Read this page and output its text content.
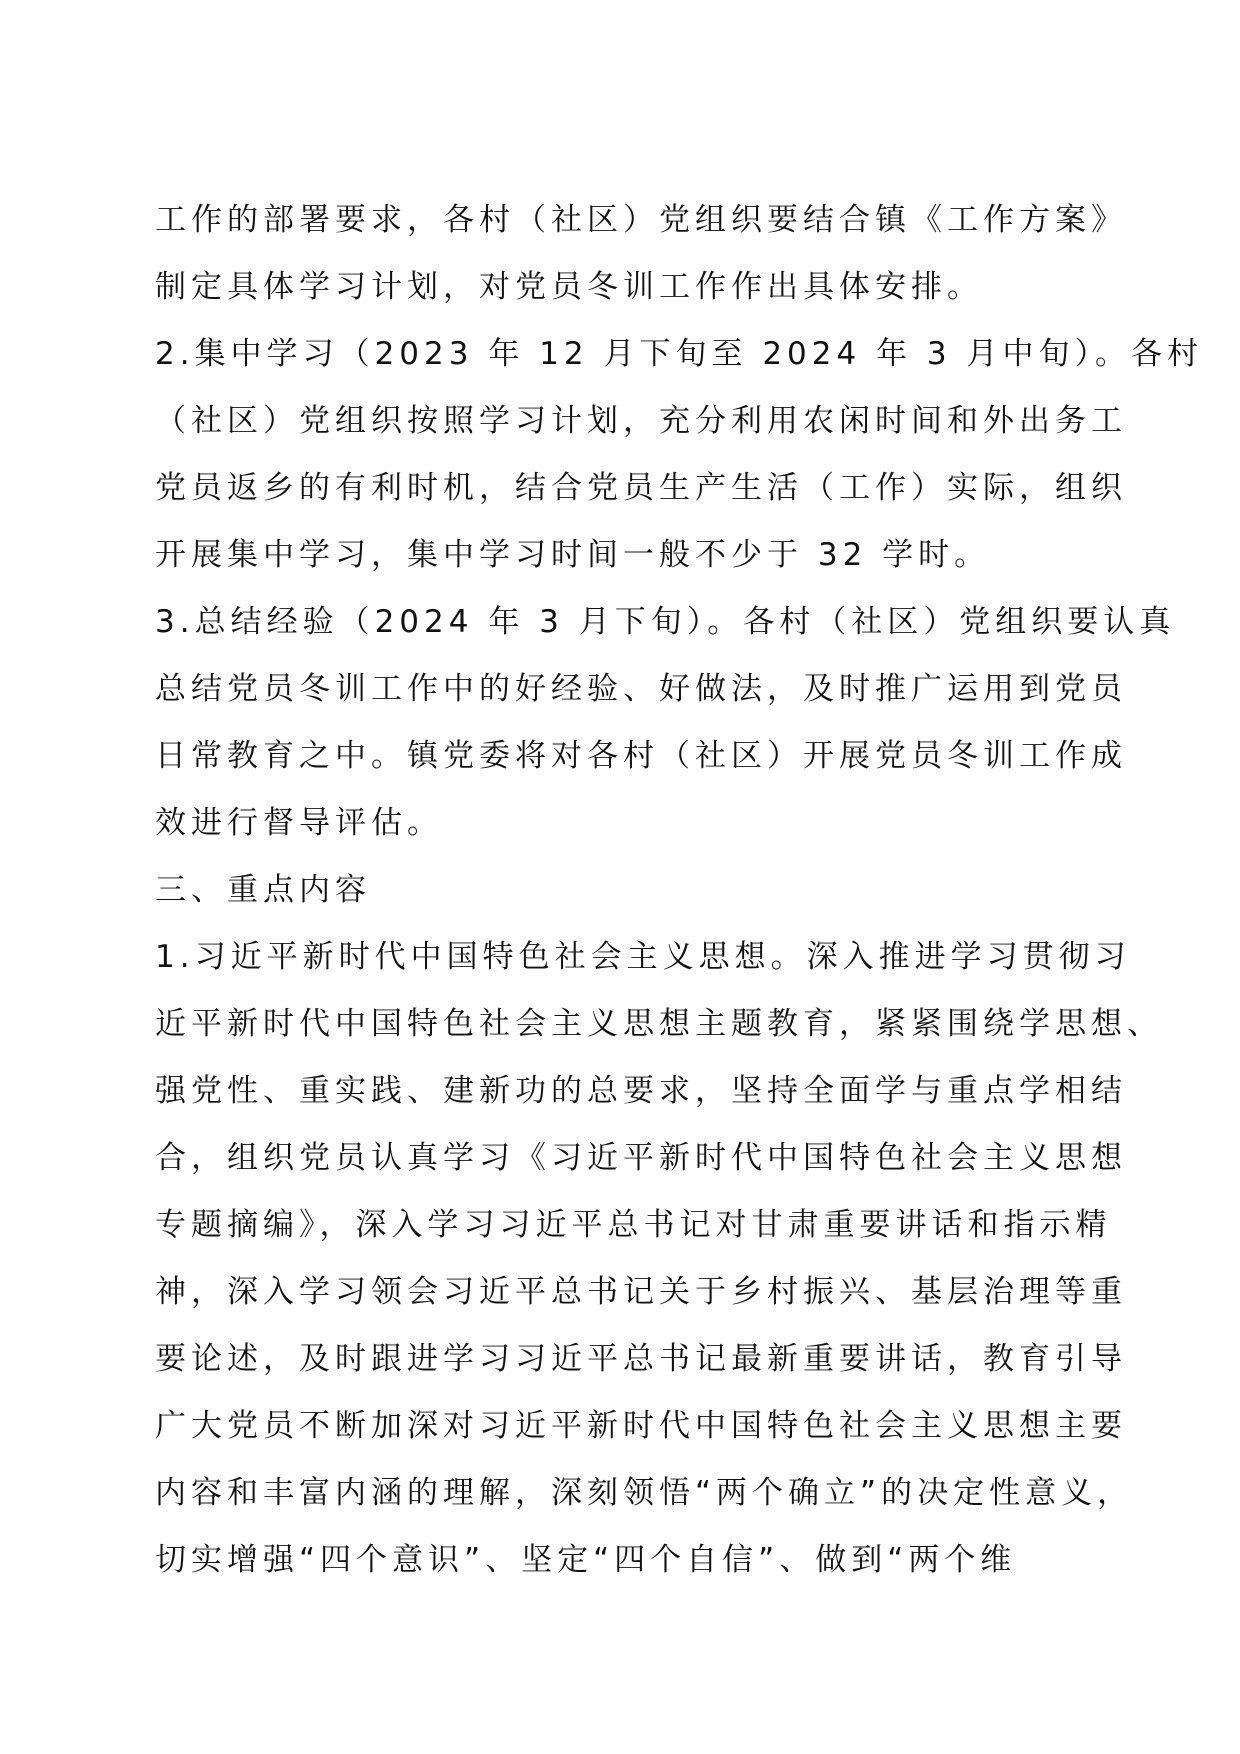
工作的部署要求，各村（社区）党组织要结合镇《工作方案》
制定具体学习计划，对党员冬训工作作出具体安排。
2.集中学习（2023 年 12 月下旬至 2024 年 3 月中旬）。各村
（社区）党组织按照学习计划，充分利用农闲时间和外出务工
党员返乡的有利时机，结合党员生产生活（工作）实际，组织
开展集中学习，集中学习时间一般不少于 32 学时。
3.总结经验（2024 年 3 月下旬）。各村（社区）党组织要认真
总结党员冬训工作中的好经验、好做法，及时推广运用到党员
日常教育之中。镇党委将对各村（社区）开展党员冬训工作成
效进行督导评估。
三、重点内容
1.习近平新时代中国特色社会主义思想。深入推进学习贯彻习
近平新时代中国特色社会主义思想主题教育，紧紧围绕学思想、
强党性、重实践、建新功的总要求，坚持全面学与重点学相结
合，组织党员认真学习《习近平新时代中国特色社会主义思想
专题摘编》，深入学习习近平总书记对甘肃重要讲话和指示精
神，深入学习领会习近平总书记关于乡村振兴、基层治理等重
要论述，及时跟进学习习近平总书记最新重要讲话，教育引导
广大党员不断加深对习近平新时代中国特色社会主义思想主要
内容和丰富内涵的理解，深刻领悟“两个确立”的决定性意义，
切实增强“四个意识”、坚定“四个自信”、做到“两个维
